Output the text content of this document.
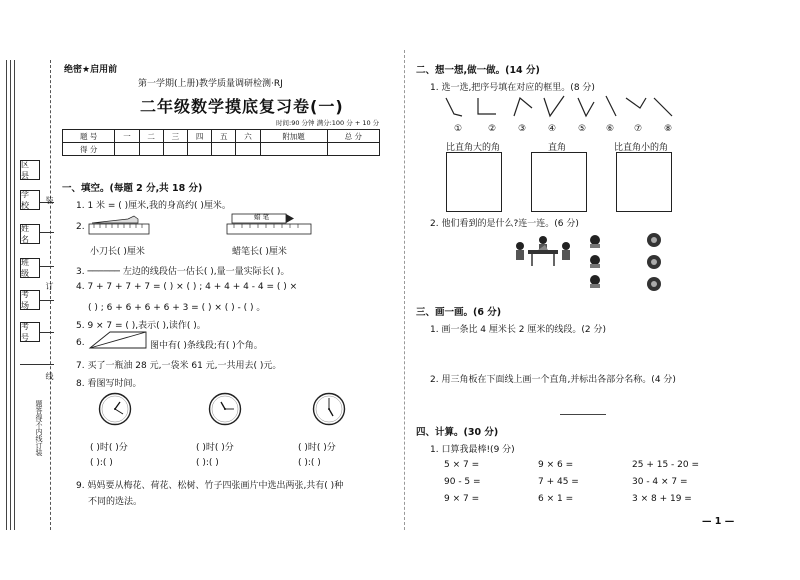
区 县
学 校
姓 名
班 级
考 场
考 号
装
订
线
题答得不内线订装
绝密★启用前
第一学期(上册)教学质量调研检测·RJ
二年级数学摸底复习卷(一)
时间:90 分钟 满分:100 分 + 10 分
题 号	一	二	三	四	五	六	附加题	总 分
得 分								
一、填空。(每题 2 分,共 18 分)
1. 1 米 = ( )厘米,我的身高约( )厘米。
2.
蜡 笔
小刀长( )厘米	蜡笔长( )厘米
3. ────── 左边的线段估一估长( ),量一量实际长( )。
4. 7 + 7 + 7 + 7 = ( ) × ( ) ; 4 + 4 + 4 - 4 = ( ) ×
( ) ; 6 + 6 + 6 + 6 + 3 = ( ) × ( ) - ( ) 。
5. 9 × 7 = ( ),表示( ),读作( )。
6.	图中有( )条线段;有( )个角。
7. 买了一瓶油 28 元,一袋米 61 元,一共用去( )元。
8. 看图写时间。
( )时( )分	( )时( )分	( )时( )分
( ):( )	( ):( )	( ):( )
9. 妈妈要从梅花、荷花、松树、竹子四张画片中选出两张,共有( )种
不同的选法。
二、想一想,做一做。(14 分)
1. 选一选,把序号填在对应的框里。(8 分)
①	② ③ ④ ⑤ ⑥ ⑦ ⑧
比直角大的角	直角	比直角小的角
2. 他们看到的是什么?连一连。(6 分)
三、画一画。(6 分)
1. 画一条比 4 厘米长 2 厘米的线段。(2 分)
2. 用三角板在下面线上画一个直角,并标出各部分名称。(4 分)
四、计算。(30 分)
1. 口算我最棒!(9 分)
5 × 7 =	9 × 6 =	25 + 15 - 20 =
90 - 5 =	7 + 45 =	30 - 4 × 7 =
9 × 7 =	6 × 1 =	3 × 8 + 19 =
— 1 —
